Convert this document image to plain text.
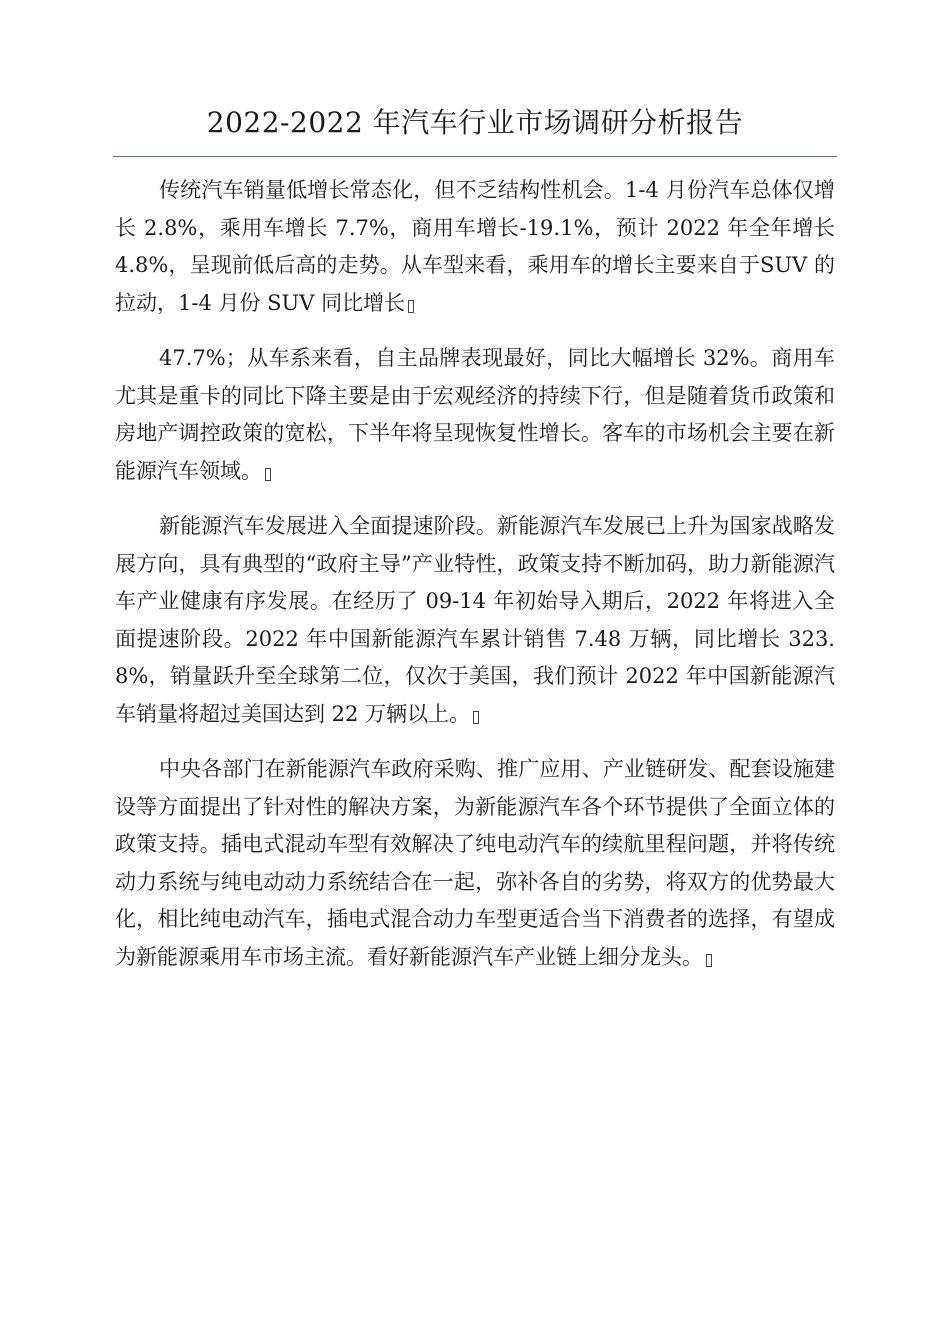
2022-2022 年汽车行业市场调研分析报告

传统汽车销量低增长常态化，但不乏结构性机会。1-4 月份汽车总体仅增长 2.8%，乘用车增长 7.7%，商用车增长-19.1%，预计 2022 年全年增长 4.8%，呈现前低后高的走势。从车型来看，乘用车的增长主要来自于SUV 的拉动，1-4 月份 SUV 同比增长

47.7%；从车系来看，自主品牌表现最好，同比大幅增长 32%。商用车尤其是重卡的同比下降主要是由于宏观经济的持续下行，但是随着货币政策和房地产调控政策的宽松，下半年将呈现恢复性增长。客车的市场机会主要在新能源汽车领域。

新能源汽车发展进入全面提速阶段。新能源汽车发展已上升为国家战略发展方向，具有典型的“政府主导”产业特性，政策支持不断加码，助力新能源汽车产业健康有序发展。在经历了 09-14 年初始导入期后，2022 年将进入全面提速阶段。2022 年中国新能源汽车累计销售 7.48 万辆，同比增长 323.8%，销量跃升至全球第二位，仅次于美国，我们预计 2022 年中国新能源汽车销量将超过美国达到 22 万辆以上。

中央各部门在新能源汽车政府采购、推广应用、产业链研发、配套设施建设等方面提出了针对性的解决方案，为新能源汽车各个环节提供了全面立体的政策支持。插电式混动车型有效解决了纯电动汽车的续航里程问题，并将传统动力系统与纯电动动力系统结合在一起，弥补各自的劣势，将双方的优势最大化，相比纯电动汽车，插电式混合动力车型更适合当下消费者的选择，有望成为新能源乘用车市场主流。看好新能源汽车产业链上细分龙头。
